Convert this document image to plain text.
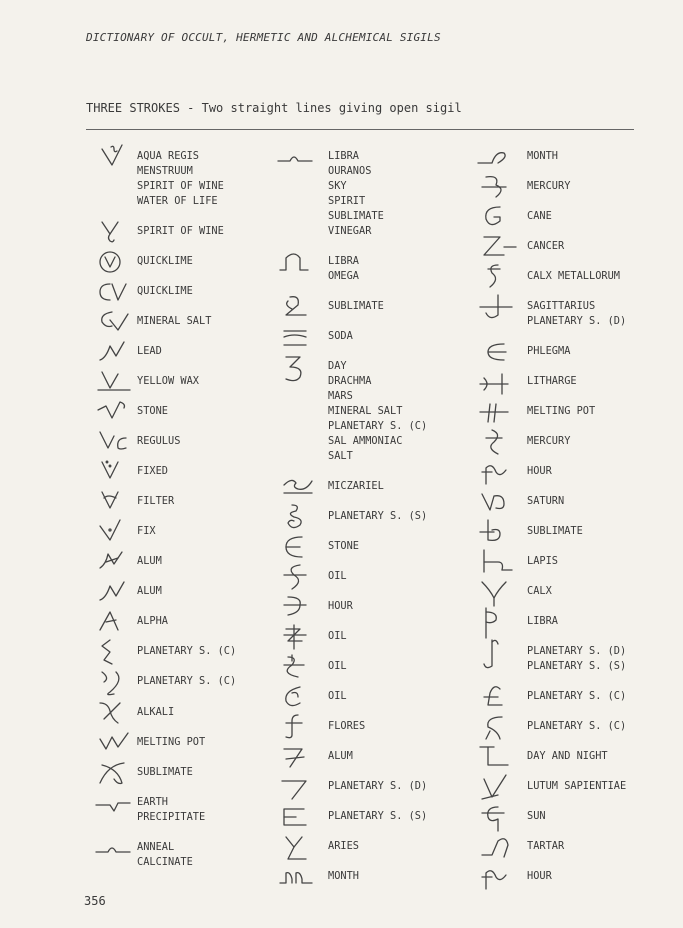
DICTIONARY OF OCCULT, HERMETIC AND ALCHEMICAL SIGILS
THREE STROKES - Two straight lines giving open sigil
AQUA REGIS
MENSTRUUM
SPIRIT OF WINE
WATER OF LIFE
SPIRIT OF WINE
QUICKLIME
QUICKLIME
MINERAL SALT
LEAD
YELLOW WAX
STONE
REGULUS
FIXED
FILTER
FIX
ALUM
ALUM
ALPHA
PLANETARY S. (C)
PLANETARY S. (C)
ALKALI
MELTING POT
SUBLIMATE
EARTH
PRECIPITATE
ANNEAL
CALCINATE
LIBRA
OURANOS
SKY
SPIRIT
SUBLIMATE
VINEGAR
LIBRA
OMEGA
SUBLIMATE
SODA
DAY
DRACHMA
MARS
MINERAL SALT
PLANETARY S. (C)
SAL AMMONIAC
SALT
MICZARIEL
PLANETARY S. (S)
STONE
OIL
HOUR
OIL
OIL
OIL
FLORES
ALUM
PLANETARY S. (D)
PLANETARY S. (S)
ARIES
MONTH
MONTH
MERCURY
CANE
CANCER
CALX METALLORUM
SAGITTARIUS
PLANETARY S. (D)
PHLEGMA
LITHARGE
MELTING POT
MERCURY
HOUR
SATURN
SUBLIMATE
LAPIS
CALX
LIBRA
PLANETARY S. (D)
PLANETARY S. (S)
PLANETARY S. (C)
PLANETARY S. (C)
DAY AND NIGHT
LUTUM SAPIENTIAE
SUN
TARTAR
HOUR
356
